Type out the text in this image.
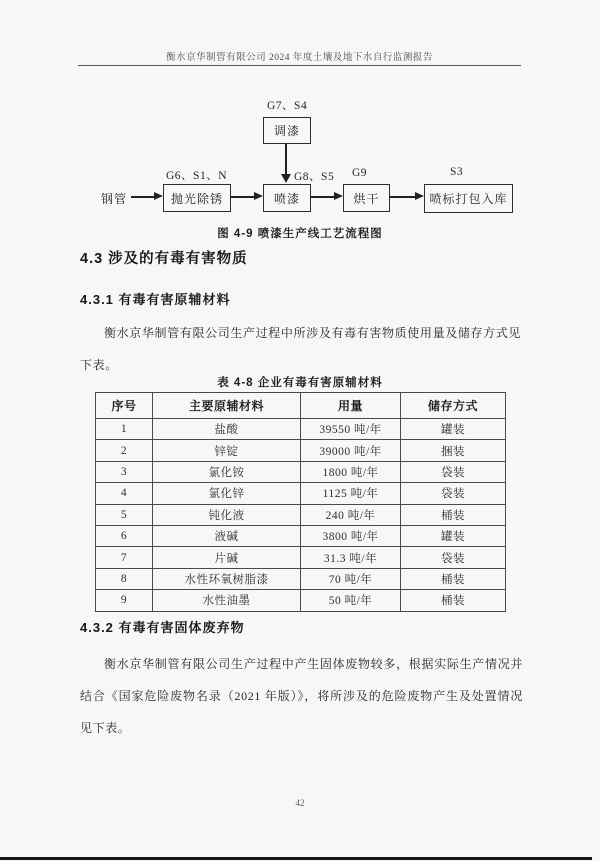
衡水京华制管有限公司 2024 年度土壤及地下水自行监测报告
G7、S4
调漆
G8、S5
钢管
G6、S1、N
抛光除锈	喷漆
G9
烘干
S3
喷标打包入库
图 4-9 喷漆生产线工艺流程图
4.3 涉及的有毒有害物质
4.3.1 有毒有害原辅材料
衡水京华制管有限公司生产过程中所涉及有毒有害物质使用量及储存方式见下表。
表 4-8 企业有毒有害原辅材料
序号	主要原辅材料	用量	储存方式
1	盐酸	39550 吨/年	罐装
2	锌锭	39000 吨/年	捆装
3	氯化铵	1800 吨/年	袋装
4	氯化锌	1125 吨/年	袋装
5	钝化液	240 吨/年	桶装
6	液碱	3800 吨/年	罐装
7	片碱	31.3 吨/年	袋装
8	水性环氧树脂漆	70 吨/年	桶装
9	水性油墨	50 吨/年	桶装
4.3.2 有毒有害固体废弃物
衡水京华制管有限公司生产过程中产生固体废物较多，根据实际生产情况并结合《国家危险废物名录（2021 年版）》，将所涉及的危险废物产生及处置情况见下表。
42
